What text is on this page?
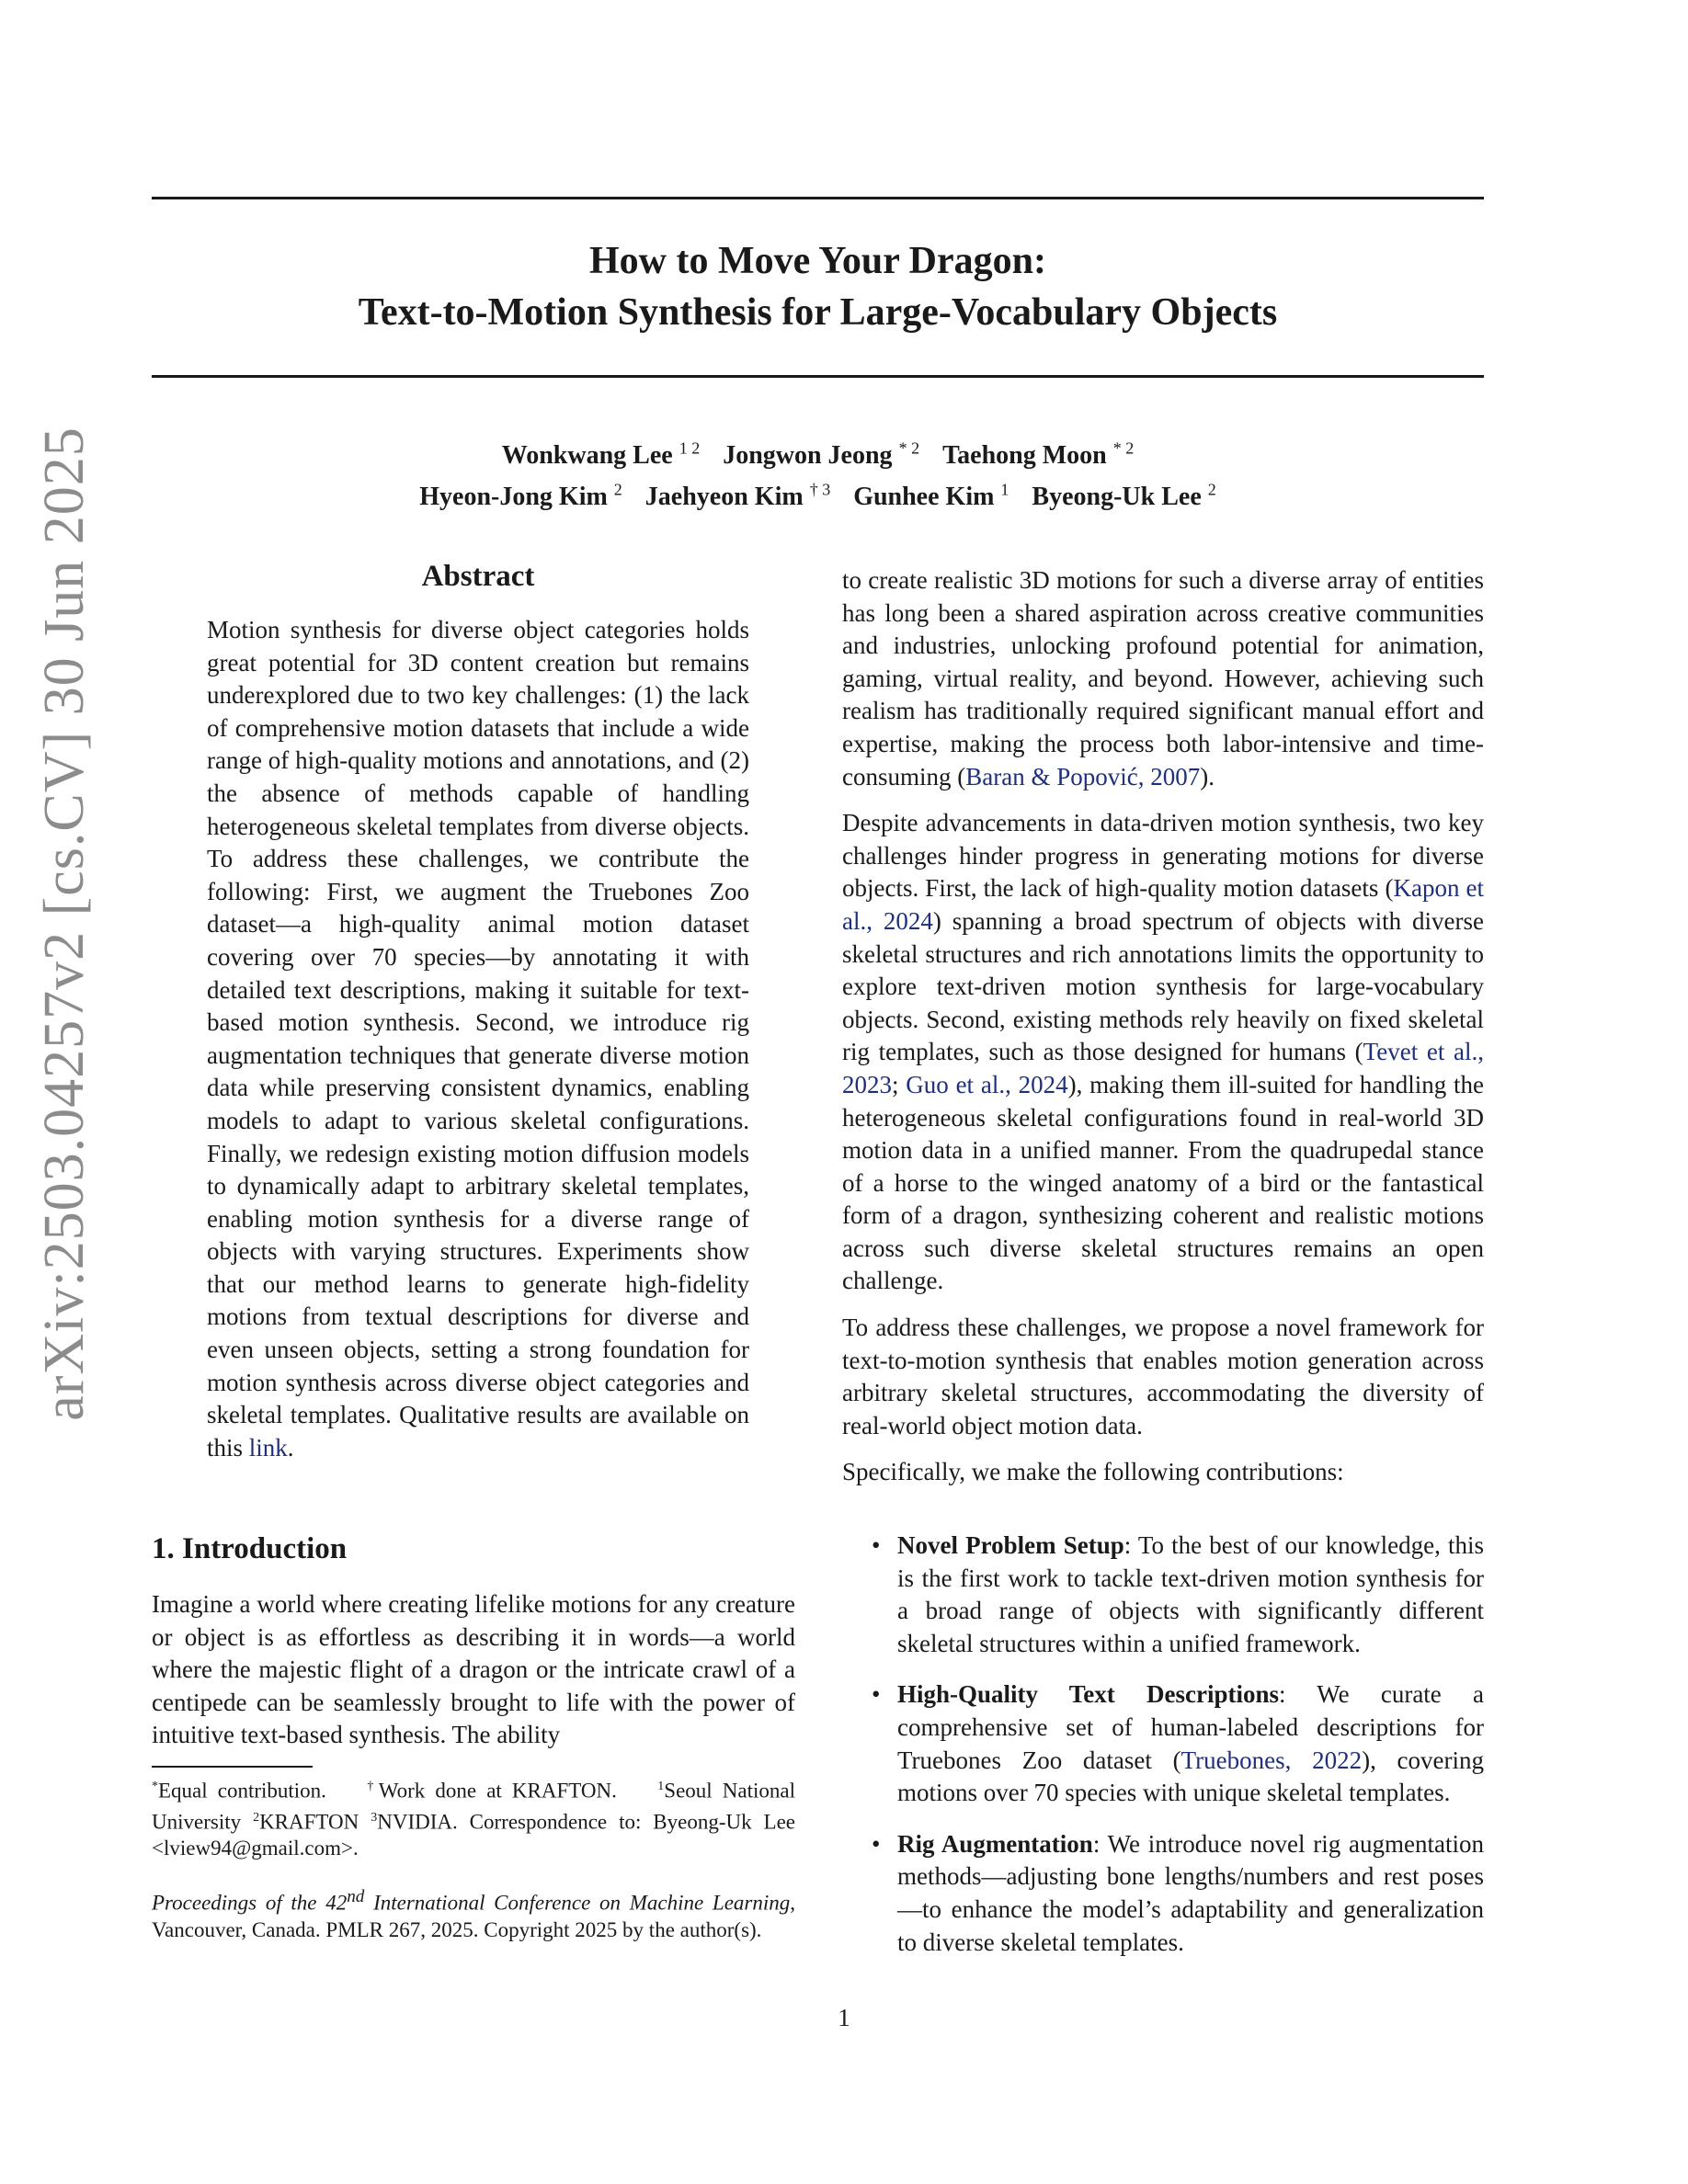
arXiv:2503.04257v2 [cs.CV] 30 Jun 2025
How to Move Your Dragon:
Text-to-Motion Synthesis for Large-Vocabulary Objects
Wonkwang Lee $^{1 2}$ Jongwon Jeong $^{* 2}$ Taehong Moon $^{* 2}$
Hyeon-Jong Kim $^2$ Jaehyeon Kim $^{\dagger 3}$ Gunhee Kim $^1$ Byeong-Uk Lee $^2$
Abstract
Motion synthesis for diverse object categories holds great potential for 3D content creation but remains underexplored due to two key challenges: (1) the lack of comprehensive motion datasets that include a wide range of high-quality motions and annotations, and (2) the absence of methods capable of handling heterogeneous skeletal templates from diverse objects. To address these challenges, we contribute the following: First, we augment the Truebones Zoo dataset—a high-quality animal motion dataset covering over 70 species—by annotating it with detailed text descriptions, making it suitable for text-based motion synthesis. Second, we introduce rig augmentation techniques that generate diverse motion data while preserving consistent dynamics, enabling models to adapt to various skeletal configurations. Finally, we redesign existing motion diffusion models to dynamically adapt to arbitrary skeletal templates, enabling motion synthesis for a diverse range of objects with varying structures. Experiments show that our method learns to generate high-fidelity motions from textual descriptions for diverse and even unseen objects, setting a strong foundation for motion synthesis across diverse object categories and skeletal templates. Qualitative results are available on this link.
1. Introduction
Imagine a world where creating lifelike motions for any creature or object is as effortless as describing it in words—a world where the majestic flight of a dragon or the intricate crawl of a centipede can be seamlessly brought to life with the power of intuitive text-based synthesis. The ability
*Equal contribution.	†Work done at KRAFTON.	$^1$Seoul National University $^2$KRAFTON $^3$NVIDIA. Correspondence to: Byeong-Uk Lee <lview94@gmail.com>.
Proceedings of the 42nd International Conference on Machine Learning, Vancouver, Canada. PMLR 267, 2025. Copyright 2025 by the author(s).

to create realistic 3D motions for such a diverse array of entities has long been a shared aspiration across creative communities and industries, unlocking profound potential for animation, gaming, virtual reality, and beyond. However, achieving such realism has traditionally required significant manual effort and expertise, making the process both labor-intensive and time-consuming (Baran & Popović, 2007).

Despite advancements in data-driven motion synthesis, two key challenges hinder progress in generating motions for diverse objects. First, the lack of high-quality motion datasets (Kapon et al., 2024) spanning a broad spectrum of objects with diverse skeletal structures and rich annotations limits the opportunity to explore text-driven motion synthesis for large-vocabulary objects. Second, existing methods rely heavily on fixed skeletal rig templates, such as those designed for humans (Tevet et al., 2023; Guo et al., 2024), making them ill-suited for handling the heterogeneous skeletal configurations found in real-world 3D motion data in a unified manner. From the quadrupedal stance of a horse to the winged anatomy of a bird or the fantastical form of a dragon, synthesizing coherent and realistic motions across such diverse skeletal structures remains an open challenge.

To address these challenges, we propose a novel framework for text-to-motion synthesis that enables motion generation across arbitrary skeletal structures, accommodating the diversity of real-world object motion data.

Specifically, we make the following contributions:

• Novel Problem Setup: To the best of our knowledge, this is the first work to tackle text-driven motion synthesis for a broad range of objects with significantly different skeletal structures within a unified framework.
• High-Quality Text Descriptions: We curate a comprehensive set of human-labeled descriptions for Truebones Zoo dataset (Truebones, 2022), covering motions over 70 species with unique skeletal templates.
• Rig Augmentation: We introduce novel rig augmentation methods—adjusting bone lengths/numbers and rest poses—to enhance the model’s adaptability and generalization to diverse skeletal templates.
1
